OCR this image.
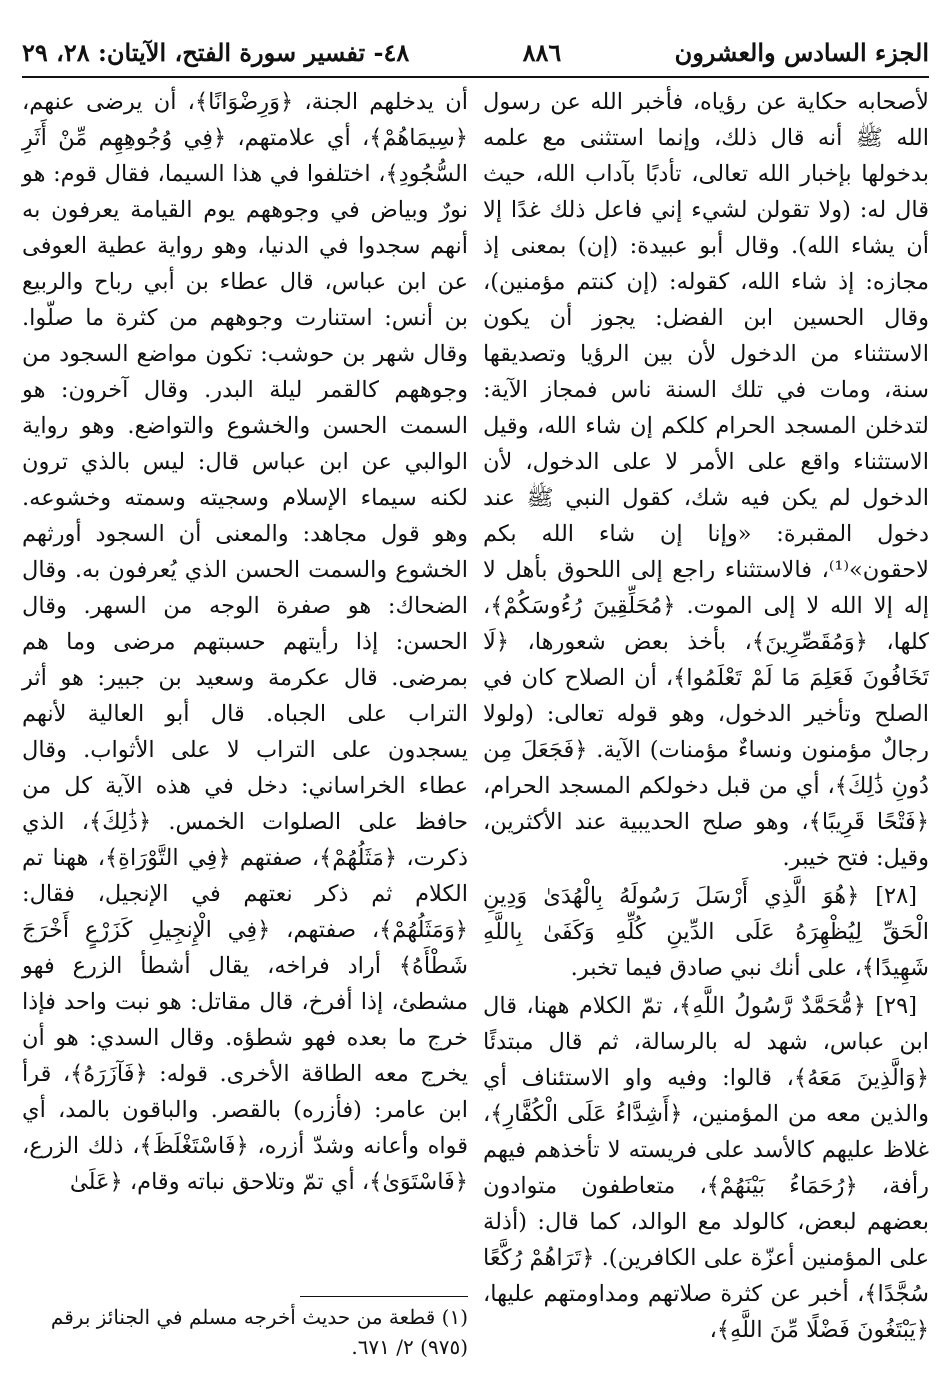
الجزء السادس والعشرون
٨٨٦
٤٨- تفسير سورة الفتح، الآيتان: ٢٨، ٢٩

لأصحابه حكاية عن رؤياه، فأخبر الله عن رسول الله ﷺ أنه قال ذلك، وإنما استثنى مع علمه بدخولها بإخبار الله تعالى، تأدبًا بآداب الله، حيث قال له: (ولا تقولن لشيء إني فاعل ذلك غدًا إلا أن يشاء الله). وقال أبو عبيدة: (إن) بمعنى إذ مجازه: إذ شاء الله، كقوله: (إن كنتم مؤمنين)، وقال الحسين ابن الفضل: يجوز أن يكون الاستثناء من الدخول لأن بين الرؤيا وتصديقها سنة، ومات في تلك السنة ناس فمجاز الآية: لتدخلن المسجد الحرام كلكم إن شاء الله، وقيل الاستثناء واقع على الأمر لا على الدخول، لأن الدخول لم يكن فيه شك، كقول النبي ﷺ عند دخول المقبرة: «وإنا إن شاء الله بكم لاحقون»⁽¹⁾، فالاستثناء راجع إلى اللحوق بأهل لا إله إلا الله لا إلى الموت. ﴿مُحَلِّقِينَ رُءُوسَكُمْ﴾، كلها، ﴿وَمُقَصِّرِينَ﴾، بأخذ بعض شعورها، ﴿لَا تَخَافُونَ فَعَلِمَ مَا لَمْ تَعْلَمُوا﴾، أن الصلاح كان في الصلح وتأخير الدخول، وهو قوله تعالى: (ولولا رجالٌ مؤمنون ونساءٌ مؤمنات) الآية. ﴿فَجَعَلَ مِن دُونِ ذَٰلِكَ﴾، أي من قبل دخولكم المسجد الحرام، ﴿فَتْحًا قَرِيبًا﴾، وهو صلح الحديبية عند الأكثرين، وقيل: فتح خيبر.

[٢٨] ﴿هُوَ الَّذِي أَرْسَلَ رَسُولَهُ بِالْهُدَىٰ وَدِينِ الْحَقِّ لِيُظْهِرَهُ عَلَى الدِّينِ كُلِّهِ وَكَفَىٰ بِاللَّهِ شَهِيدًا﴾، على أنك نبي صادق فيما تخبر.

[٢٩] ﴿مُّحَمَّدٌ رَّسُولُ اللَّهِ﴾، تمّ الكلام ههنا، قال ابن عباس، شهد له بالرسالة، ثم قال مبتدئًا ﴿وَالَّذِينَ مَعَهُ﴾، قالوا: وفيه واو الاستئناف أي والذين معه من المؤمنين، ﴿أَشِدَّاءُ عَلَى الْكُفَّارِ﴾، غلاظ عليهم كالأسد على فريسته لا تأخذهم فيهم رأفة، ﴿رُحَمَاءُ بَيْنَهُمْ﴾، متعاطفون متوادون بعضهم لبعض، كالولد مع الوالد، كما قال: (أذلة على المؤمنين أعزّة على الكافرين). ﴿تَرَاهُمْ رُكَّعًا سُجَّدًا﴾، أخبر عن كثرة صلاتهم ومداومتهم عليها، ﴿يَبْتَغُونَ فَضْلًا مِّنَ اللَّهِ﴾،

أن يدخلهم الجنة، ﴿وَرِضْوَانًا﴾، أن يرضى عنهم، ﴿سِيمَاهُمْ﴾، أي علامتهم، ﴿فِي وُجُوهِهِم مِّنْ أَثَرِ السُّجُودِ﴾، اختلفوا في هذا السيما، فقال قوم: هو نورٌ وبياض في وجوههم يوم القيامة يعرفون به أنهم سجدوا في الدنيا، وهو رواية عطية العوفى عن ابن عباس، قال عطاء بن أبي رباح والربيع بن أنس: استنارت وجوههم من كثرة ما صلّوا. وقال شهر بن حوشب: تكون مواضع السجود من وجوههم كالقمر ليلة البدر. وقال آخرون: هو السمت الحسن والخشوع والتواضع. وهو رواية الوالبي عن ابن عباس قال: ليس بالذي ترون لكنه سيماء الإسلام وسجيته وسمته وخشوعه. وهو قول مجاهد: والمعنى أن السجود أورثهم الخشوع والسمت الحسن الذي يُعرفون به. وقال الضحاك: هو صفرة الوجه من السهر. وقال الحسن: إذا رأيتهم حسبتهم مرضى وما هم بمرضى. قال عكرمة وسعيد بن جبير: هو أثر التراب على الجباه. قال أبو العالية لأنهم يسجدون على التراب لا على الأثواب. وقال عطاء الخراساني: دخل في هذه الآية كل من حافظ على الصلوات الخمس. ﴿ذَٰلِكَ﴾، الذي ذكرت، ﴿مَثَلُهُمْ﴾، صفتهم ﴿فِي التَّوْرَاةِ﴾، ههنا تم الكلام ثم ذكر نعتهم في الإنجيل، فقال: ﴿وَمَثَلُهُمْ﴾، صفتهم، ﴿فِي الْإِنجِيلِ كَزَرْعٍ أَخْرَجَ شَطْأَهُ﴾ أراد فراخه، يقال أشطأ الزرع فهو مشطئ، إذا أفرخ، قال مقاتل: هو نبت واحد فإذا خرج ما بعده فهو شطؤه. وقال السدي: هو أن يخرج معه الطاقة الأخرى. قوله: ﴿فَآزَرَهُ﴾، قرأ ابن عامر: (فأزره) بالقصر. والباقون بالمد، أي قواه وأعانه وشدّ أزره، ﴿فَاسْتَغْلَظَ﴾، ذلك الزرع، ﴿فَاسْتَوَىٰ﴾، أي تمّ وتلاحق نباته وقام، ﴿عَلَىٰ

(١) قطعة من حديث أخرجه مسلم في الجنائز برقم (٩٧٥) ٢/ ٦٧١.
